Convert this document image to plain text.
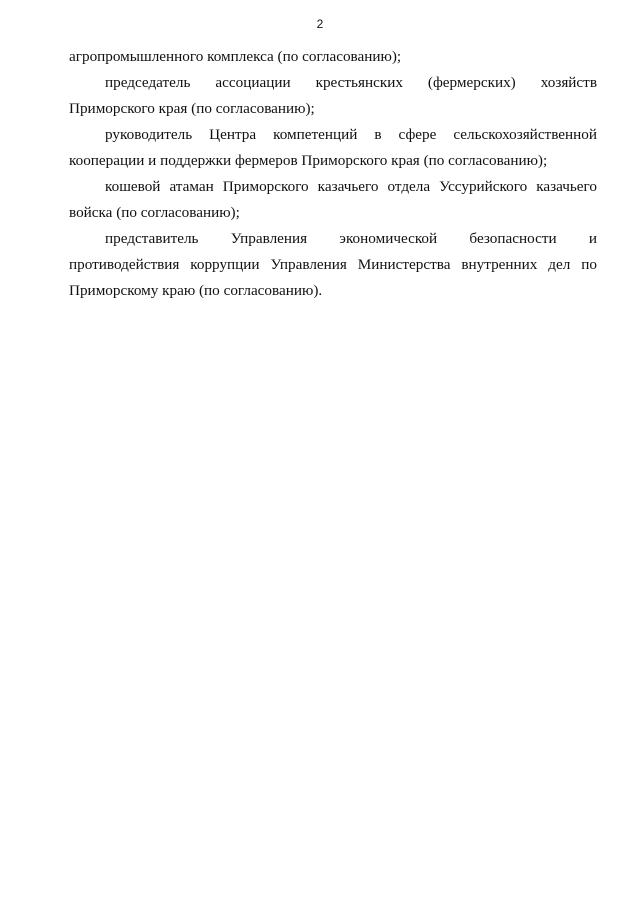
2

агропромышленного комплекса (по согласованию);

председатель ассоциации крестьянских (фермерских) хозяйств Приморского края (по согласованию);

руководитель Центра компетенций в сфере сельскохозяйственной кооперации и поддержки фермеров Приморского края (по согласованию);

кошевой атаман Приморского казачьего отдела Уссурийского казачьего войска (по согласованию);

представитель Управления экономической безопасности и противодействия коррупции Управления Министерства внутренних дел по Приморскому краю (по согласованию).
